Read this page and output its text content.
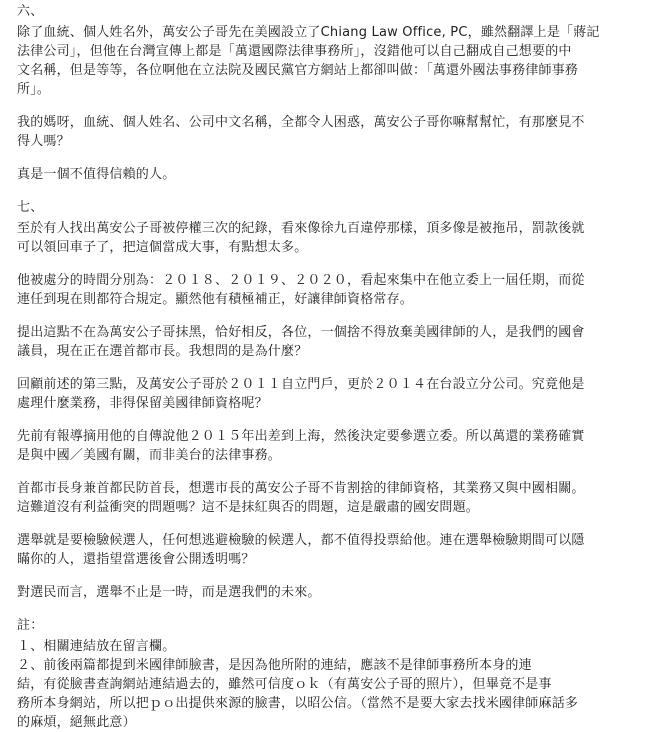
六、
除了血統、個人姓名外，萬安公子哥先在美國設立了Chiang Law Office, PC，雖然翻譯上是「蔣記
法律公司」，但他在台灣宣傳上都是「萬還國際法律事務所」，沒錯他可以自己翻成自己想要的中
文名稱，但是等等，各位啊他在立法院及國民黨官方網站上都卻叫做：「萬還外國法事務律師事務
所」。
我的媽呀，血統、個人姓名、公司中文名稱，全都令人困惑，萬安公子哥你嘛幫幫忙，有那麼見不
得人嗎？
真是一個不值得信賴的人。
七、
至於有人找出萬安公子哥被停權三次的紀錄，看來像徐九百違停那樣，頂多像是被拖吊，罰款後就
可以領回車子了，把這個當成大事，有點想太多。
他被處分的時間分別為：２０１８、２０１９、２０２０，看起來集中在他立委上一屆任期，而從
連任到現在則都符合規定。顯然他有積極補正，好讓律師資格常存。
提出這點不在為萬安公子哥抹黑，恰好相反，各位，一個捨不得放棄美國律師的人，是我們的國會
議員，現在正在選首都市長。我想問的是為什麼？
回顧前述的第三點，及萬安公子哥於２０１１自立門戶，更於２０１４在台設立分公司。究竟他是
處理什麼業務，非得保留美國律師資格呢？
先前有報導摘用他的自傳說他２０１５年出差到上海，然後決定要參選立委。所以萬還的業務確實
是與中國／美國有關，而非美台的法律事務。
首都市長身兼首都民防首長，想選市長的萬安公子哥不肯割捨的律師資格，其業務又與中國相關。
這難道沒有利益衝突的問題嗎？這不是抹紅與否的問題，這是嚴肅的國安問題。
選舉就是要檢驗候選人，任何想逃避檢驗的候選人，都不值得投票給他。連在選舉檢驗期間可以隱
瞞你的人，還指望當選後會公開透明嗎？
對選民而言，選舉不止是一時，而是選我們的未來。
註：
１、相關連結放在留言欄。
２、前後兩篇都提到米國律師臉書，是因為他所附的連結，應該不是律師事務所本身的連
結，有從臉書查詢網站連結過去的，雖然可信度ｏｋ（有萬安公子哥的照片），但畢竟不是事
務所本身網站，所以把ｐｏ出提供來源的臉書，以昭公信。（當然不是要大家去找米國律師麻話多
的麻煩，絕無此意）
